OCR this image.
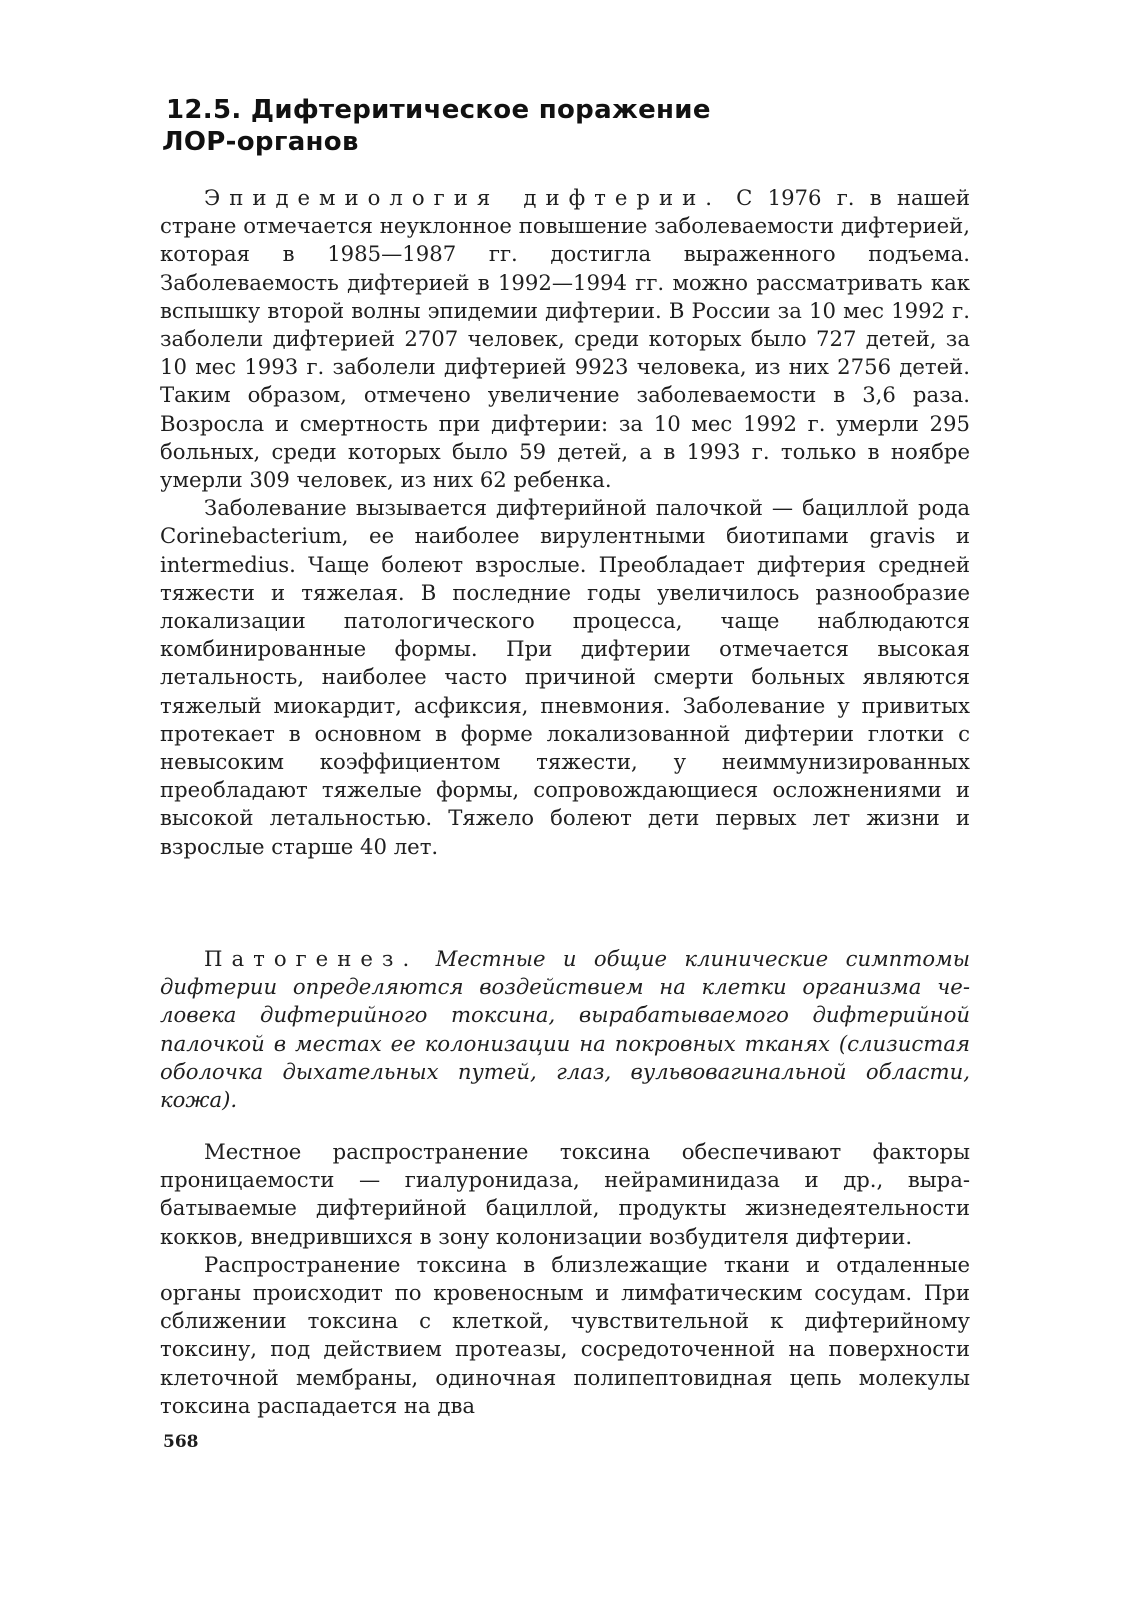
12.5. Дифтеритическое поражение
ЛОР-органов

Эпидемиология дифтерии. С 1976 г. в нашей стране отмечается неуклонное повышение заболеваемости дифтерией, которая в 1985—1987 гг. достигла выраженного подъема. Заболеваемость дифтерией в 1992—1994 гг. можно рассматривать как вспышку второй волны эпидемии дифтерии. В России за 10 мес 1992 г. заболели дифтерией 2707 человек, среди которых было 727 детей, за 10 мес 1993 г. заболели дифтерией 9923 человека, из них 2756 детей. Таким образом, отмечено увеличение заболеваемости в 3,6 раза. Возросла и смертность при дифтерии: за 10 мес 1992 г. умерли 295 больных, среди которых было 59 детей, а в 1993 г. только в ноябре умерли 309 человек, из них 62 ребенка.

Заболевание вызывается дифтерийной палочкой — бациллой рода Corinebacterium, ее наиболее вирулентными биотипами gravis и intermedius. Чаще болеют взрослые. Преобладает дифтерия средней тяжести и тяжелая. В последние годы увеличилось разнообразие локализации патологического процесса, чаще наблюдаются комбинированные формы. При дифтерии отмечается высокая летальность, наиболее часто причиной смерти больных являются тяжелый миокардит, асфиксия, пневмония. Заболевание у привитых протекает в основном в форме локализованной дифтерии глотки с невысоким коэффициентом тяжести, у неиммунизированных преобладают тяжелые формы, сопровождающиеся осложнениями и высокой летальностью. Тяжело болеют дети первых лет жизни и взрослые старше 40 лет.

Патогенез. Местные и общие клинические симптомы дифтерии определяются воздействием на клетки организма человека дифтерийного токсина, вырабатываемого дифтерийной палочкой в местах ее колонизации на покровных тканях (слизистая оболочка дыхательных путей, глаз, вульвовагинальной области, кожа).

Местное распространение токсина обеспечивают факторы проницаемости — гиалуронидаза, нейраминидаза и др., вырабатываемые дифтерийной бациллой, продукты жизнедеятельности кокков, внедрившихся в зону колонизации возбудителя дифтерии.

Распространение токсина в близлежащие ткани и отдаленные органы происходит по кровеносным и лимфатическим сосудам. При сближении токсина с клеткой, чувствительной к дифтерийному токсину, под действием протеазы, сосредоточенной на поверхности клеточной мембраны, одиночная полипептовидная цепь молекулы токсина распадается на два

568
